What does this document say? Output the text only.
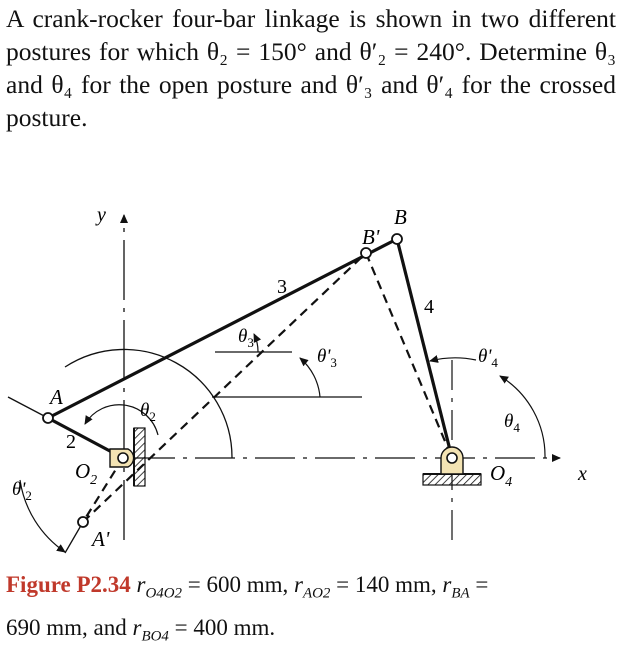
A crank-rocker four-bar linkage is shown in two different postures for which θ₂ = 150° and θ′₂ = 240°. Determine θ₃ and θ₄ for the open posture and θ′₃ and θ′₄ for the crossed posture.

y
x
A
A'
B
B'
$O_2$	$O_4$
2
3
4
$\theta_2$
$\theta'_2$
$\theta_3$
$\theta'_3$
$\theta_4$
$\theta'_4$
Figure P2.34 $r_{O4O2} = 600$ mm, $r_{AO2} = 140$ mm, $r_{BA}$ =
690 mm, and $r_{BO4} = 400$ mm.
